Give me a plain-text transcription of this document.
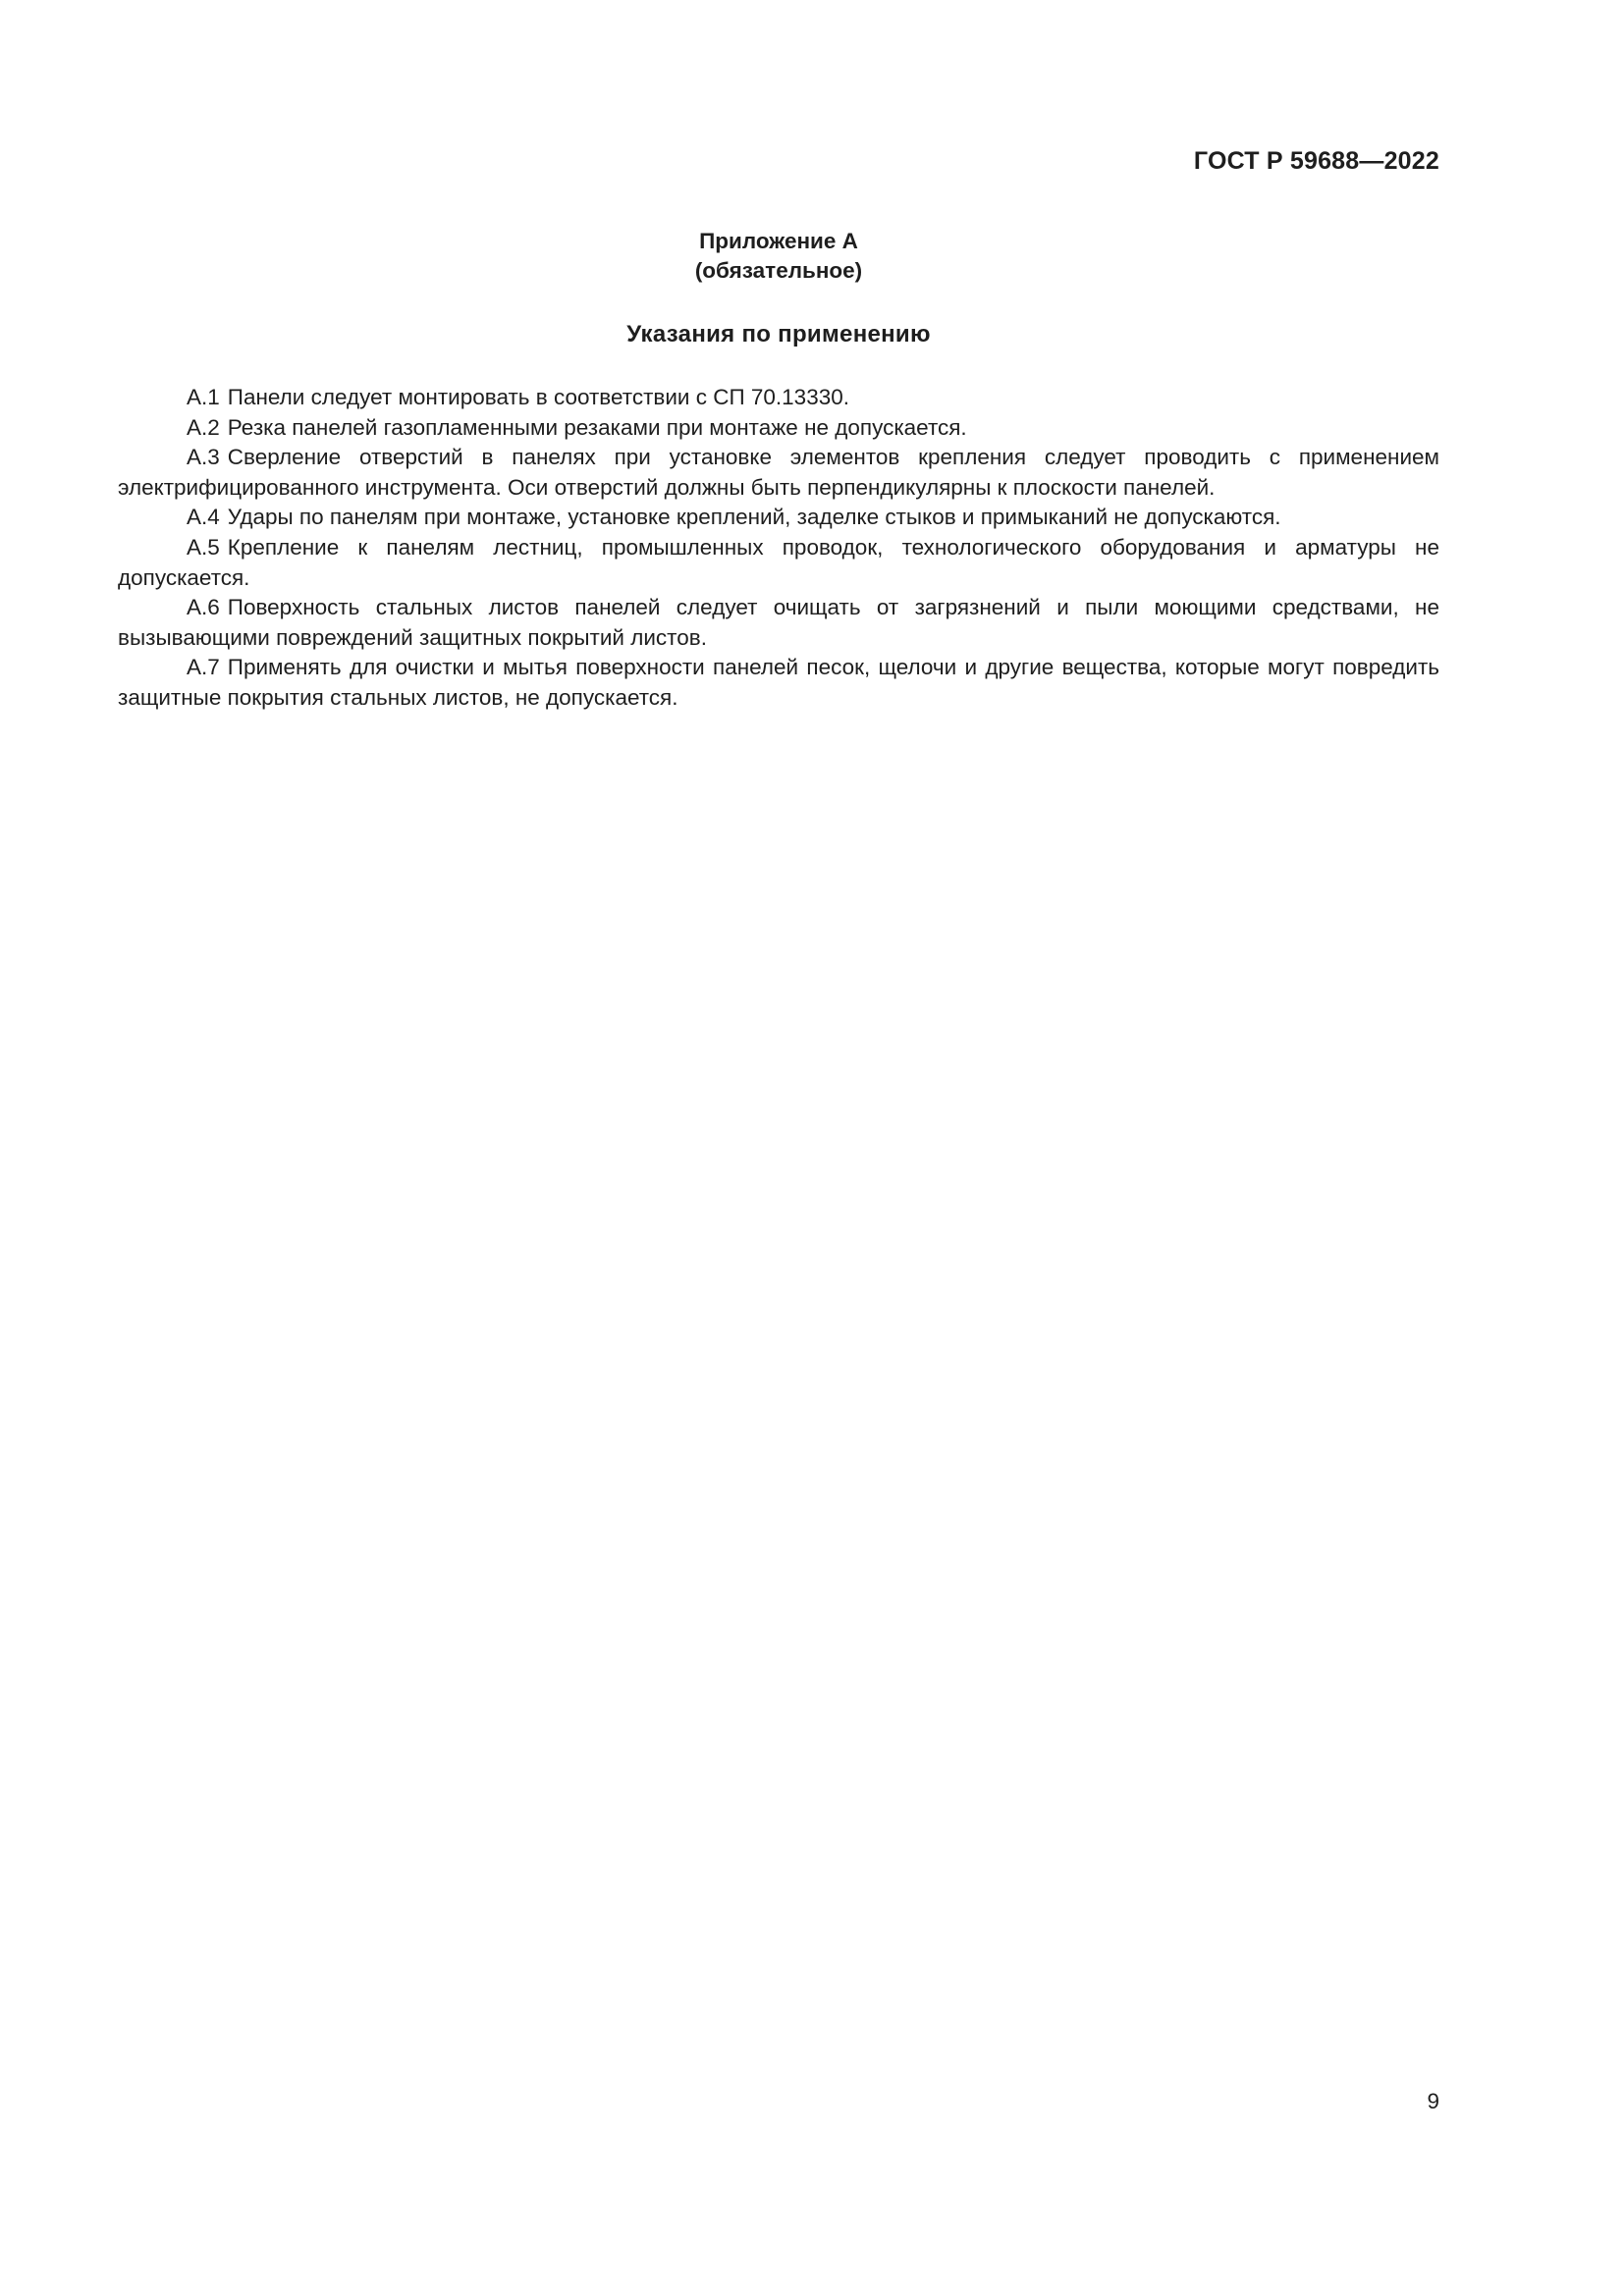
ГОСТ Р 59688—2022
Приложение А
(обязательное)
Указания по применению

А.1 Панели следует монтировать в соответствии с СП 70.13330.

А.2 Резка панелей газопламенными резаками при монтаже не допускается.

А.3 Сверление отверстий в панелях при установке элементов крепления следует проводить с применением электрифицированного инструмента. Оси отверстий должны быть перпендикулярны к плоскости панелей.

А.4 Удары по панелям при монтаже, установке креплений, заделке стыков и примыканий не допускаются.

А.5 Крепление к панелям лестниц, промышленных проводок, технологического оборудования и арматуры не допускается.

А.6 Поверхность стальных листов панелей следует очищать от загрязнений и пыли моющими средствами, не вызывающими повреждений защитных покрытий листов.

А.7 Применять для очистки и мытья поверхности панелей песок, щелочи и другие вещества, которые могут повредить защитные покрытия стальных листов, не допускается.

9
